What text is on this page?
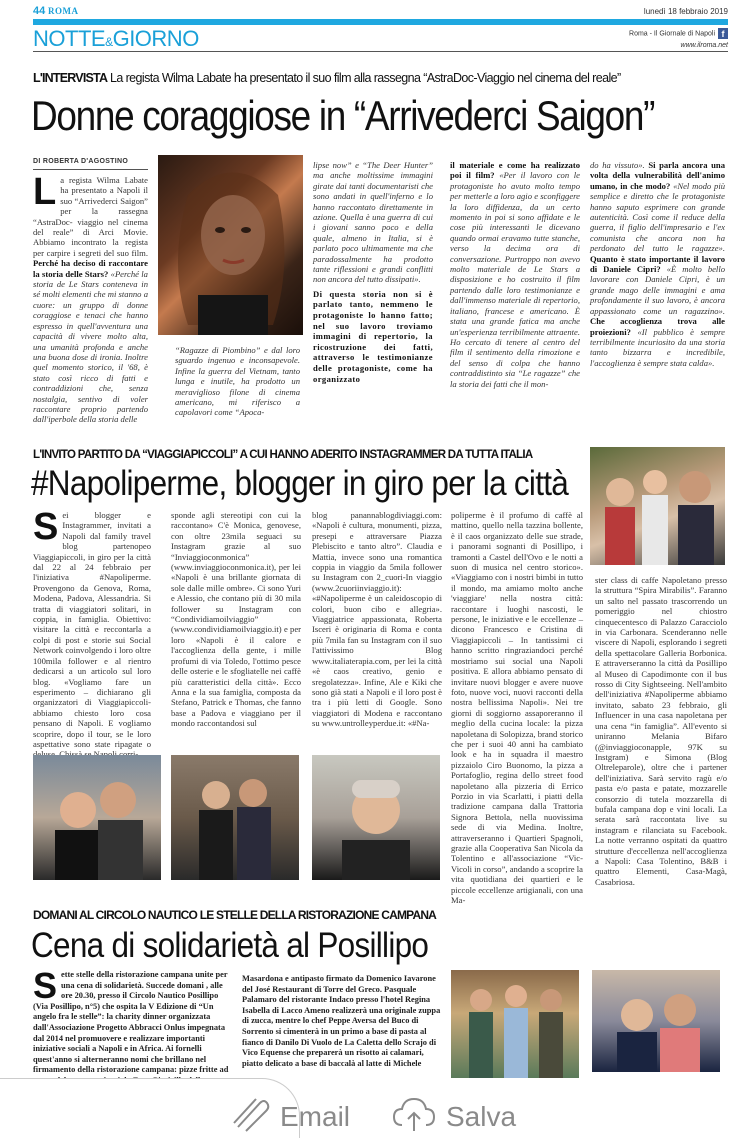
44 ROMA	lunedì 18 febbraio 2019
NOTTE&GIORNO	Roma - Il Giornale di Napoli f
www.ilroma.net
L'INTERVISTA La regista Wilma Labate ha presentato il suo film alla rassegna “AstraDoc-Viaggio nel cinema del reale”
Donne coraggiose in “Arrivederci Saigon”
DI ROBERTA D'AGOSTINO
L a regista Wilma Labate ha presentato a Napoli il suo “Arrivederci Saigon” per la rassegna “AstraDoc- viaggio nel cinema del reale” di Arci Movie. Abbiamo incontrato la regista per carpire i segreti del suo film. Perché ha deciso di raccontare la storia delle Stars? «Perché la storia de Le Stars conteneva in sé molti elementi che mi stanno a cuore: un gruppo di donne coraggiose e tenaci che hanno espresso in quell'avventura una capacità di vivere molto alta, una umanità profonda e anche una buona dose di ironia. Inoltre quel momento storico, il '68, è stato così ricco di fatti e contraddizioni che, senza nostalgia, sentivo di voler raccontare proprio partendo dall'iperbole della storia delle
“Ragazze di Piombino” e dal loro sguardo ingenuo e inconsapevole. Infine la guerra del Vietnam, tanto lunga e inutile, ha prodotto un meraviglioso filone di cinema americano, mi riferisco a capolavori come “Apoca-
lipse now” e “The Deer Hunter” ma anche moltissime immagini girate dai tanti documentaristi che sono andati in quell'inferno e lo hanno raccontato direttamente in azione. Quella è una guerra di cui i giovani sanno poco e della quale, almeno in Italia, si è parlato poco ultimamente ma che paradossalmente ha prodotto tante riflessioni e grandi conflitti non ancora del tutto dissipati».
Di questa storia non si è parlato tanto, nemmeno le protagoniste lo hanno fatto; nel suo lavoro troviamo immagini di repertorio, la ricostruzione dei fatti, attraverso le testimonianze delle protagoniste, come ha organizzato
il materiale e come ha realizzato poi il film? «Per il lavoro con le protagoniste ho avuto molto tempo per metterle a loro agio e sconfiggere la loro diffidenza, da un certo momento in poi si sono affidate e le cose più interessanti le dicevano quando ormai eravamo tutte stanche, verso la decima ora di conversazione. Purtroppo non avevo molto materiale de Le Stars a disposizione e ho costruito il film partendo dalle loro testimonianze e dall'immenso materiale di repertorio, italiano, francese e americano. È stata una grande fatica ma anche un'esperienza terribilmente attraente. Ho cercato di tenere al centro del film il sentimento della rimozione e del senso di colpa che hanno contraddistinto sia “Le ragazze” che la storia dei fatti che il mon-
do ha vissuto». Si parla ancora una volta della vulnerabilità dell'animo umano, in che modo? «Nel modo più semplice e diretto che le protagoniste hanno saputo esprimere con grande autenticità. Così come il reduce della guerra, il figlio dell'impresario e l'ex comunista che ancora non ha perdonato del tutto le ragazze». Quanto è stato importante il lavoro di Daniele Cipri? «È molto bello lavorare con Daniele Cipri, è un grande mago delle immagini e ama profondamente il suo lavoro, è ancora appassionato come un ragazzino». Che accoglienza trova alle proiezioni? «Il pubblico è sempre terribilmente incuriosito da una storia tanto bizzarra e incredibile, l'accoglienza è sempre stata calda».
L'INVITO PARTITO DA “VIAGGIAPICCOLI” A CUI HANNO ADERITO INSTAGRAMMER DA TUTTA ITALIA
#Napoliperme, blogger in giro per la città
Sei blogger e Instagrammer, invitati a Napoli dal family travel blog partenopeo Viaggiapiccoli, in giro per la città dal 22 al 24 febbraio per l'iniziativa #Napoliperme. Provengono da Genova, Roma, Modena, Padova, Alessandria. Si tratta di viaggiatori solitari, in coppia, in famiglia. Obiettivo: visitare la città e reccontarla a colpi di post e storie sui Social Network coinvolgendo i loro oltre 100mila follower e al rientro dedicarsi a un articolo sul loro blog. «Vogliamo fare un esperimento – dichiarano gli organizzatori di Viaggiapiccoli- abbiamo chiesto loro cosa pensano di Napoli. E vogliamo scoprire, dopo il tour, se le loro aspettative sono state ripagate o
sponde agli stereotipi con cui la raccontano» C'è Monica, genovese, con oltre 23mila seguaci su Instagram grazie al suo “Inviaggioconmonica” (www.inviaggioconmonica.it), per lei «Napoli è una brillante giornata di sole dalle mille ombre». Ci sono Yuri e Alessio, che contano più di 30 mila follower su Instagram con “Condividiamoilviaggio” (www.condividiamoilviaggio.it) e per loro «Napoli è il calore e l'accoglienza della gente, i mille profumi di via Toledo, l'ottimo pesce delle osterie e le sfogliatelle nei caffè più caratteristici della città». Ecco Anna e la sua famiglia, composta da Stefano, Patrick e Thomas, che fanno base a Padova e viaggiano per il mondo raccontandosi sul
blog panannablogdiviaggi.com: «Napoli è cultura, monumenti, pizza, presepi e attraversare Piazza Plebiscito e tanto altro”. Claudia e Mattia, invece sono una romantica coppia in viaggio da 5mila follower su Instagram con 2_cuori-In viaggio (www.2cuoriinviaggio.it): «#Napoliperme è un caleidoscopio di colori, buon cibo e allegria». Viaggiatrice appassionata, Roberta Isceri è originaria di Roma e conta più 7mila fan su Instagram con il suo l'attivissimo Blog www.italiaterapia.com, per lei la città «è caos creativo, genio e sregolatezza». Infine, Ale e Kiki che sono già stati a Napoli e il loro post è tra i più letti di Google. Sono viaggiatori di Modena e raccontano su www.untrolleyperdue.it: «#Na-
poliperme è il profumo di caffè al mattino, quello nella tazzina bollente, è il caos organizzato delle sue strade, i panorami sognanti di Posillipo, i tramonti a Castel dell'Ovo e le notti a suon di musica nel centro storico». «Viaggiamo con i nostri bimbi in tutto il mondo, ma amiamo molto anche 'viaggiare' nella nostra città: raccontare i luoghi nascosti, le persone, le iniziative e le eccellenze – dicono Francesco e Cristina di Viaggiapiccoli – In tantissimi ci hanno scritto ringraziandoci perché mostriamo sui social una Napoli positiva. E allora abbiamo pensato di invitare nuovi blogger e avere nuove foto, nuove voci, nuovi racconti della nostra bellissima Napoli». Nei tre giorni di soggiorno assaporeranno il meglio della cucina locale: la pizza napoletana di Solopizza, brand storico che per i suoi 40 anni ha cambiato look e ha in squadra il maestro pizzaiolo Ciro Buonomo, la pizza a Portafoglio, regina dello street food napoletano alla pizzeria di Errico Porzio in via Scarlatti, i piatti della tradizione campana dalla Trattoria Signora Bettola, nella nuovissima sede di via Medina. Inoltre, attraverseranno i Quartieri Spagnoli, grazie alla Cooperativa San Nicola da Tolentino e all'associazione “Vic-Vicoli in corso”, andando a scoprire la vita quotidiana dei quartieri e le piccole eccellenze artigianali, con una Ma-
ster class di caffe Napoletano presso la struttura “Spira Mirabilis”. Faranno un salto nel passato trascorrendo un pomeriggio nel chiostro cinquecentesco di Palazzo Caracciolo in via Carbonara. Scenderanno nelle viscere di Napoli, esplorando i segreti della spettacolare Galleria Borbonica. E attraverseranno la città da Posillipo al Museo di Capodimonte con il bus rosso di City Sightseeing. Nell'ambito dell'iniziativa #Napoliperme abbiamo invitato, sabato 23 febbraio, gli Influencer in una casa napoletana per una cena “in famiglia”. All'evento si uniranno Melania Bifaro (@inviaggioconapple, 97K su Instgram) e Simona (Blog Oltreleparole), oltre che i partener dell'iniziativa. Sarà servito ragù e/o pasta e/o pasta e patate, mozzarelle consorzio di tutela mozzarella di bufala campana dop e vini locali. La serata sarà raccontata live su instagram e rilanciata su Facebook. La notte verranno ospitati da quattro strutture d'eccellenza nell'accoglienza a Napoli: Casa Tolentino, B&B i quattro Elementi, Casa-Magà, Casabriosa.
DOMANI AL CIRCOLO NAUTICO LE STELLE DELLA RISTORAZIONE CAMPANA
Cena di solidarietà al Posillipo
Sette stelle della ristorazione campana unite per una cena di solidarietà. Succede domani , alle ore 20.30, presso il Circolo Nautico Posillipo (Via Posillipo, n°5) che ospita la V Edizione di “Un angelo fra le stelle”: la charity dinner organizzata dall'Associazione Progetto Abbracci Onlus impegnata dal 2014 nel promuovere e realizzare importanti iniziative sociali a Napoli e in Africa. Ai fornelli quest'anno si alterneranno nomi che brillano nel firmamento della ristorazione campana: pizze fritte ad
Masardona e antipasto firmato da Domenico Iavarone del José Restaurant di Torre del Greco. Pasquale Palamaro del ristorante Indaco presso l'hotel Regina Isabella di Lacco Ameno realizzerà una originale zuppa di zucca, mentre lo chef Peppe Aversa del Buco di Sorrento si cimenterà in un primo a base di pasta al fianco di Danilo Di Vuolo de La Caletta dello Scrajo di Vico Equense che preparerà un risotto ai calamari, piatto delicato a base di baccalà al latte di Michele
Email	Salva
